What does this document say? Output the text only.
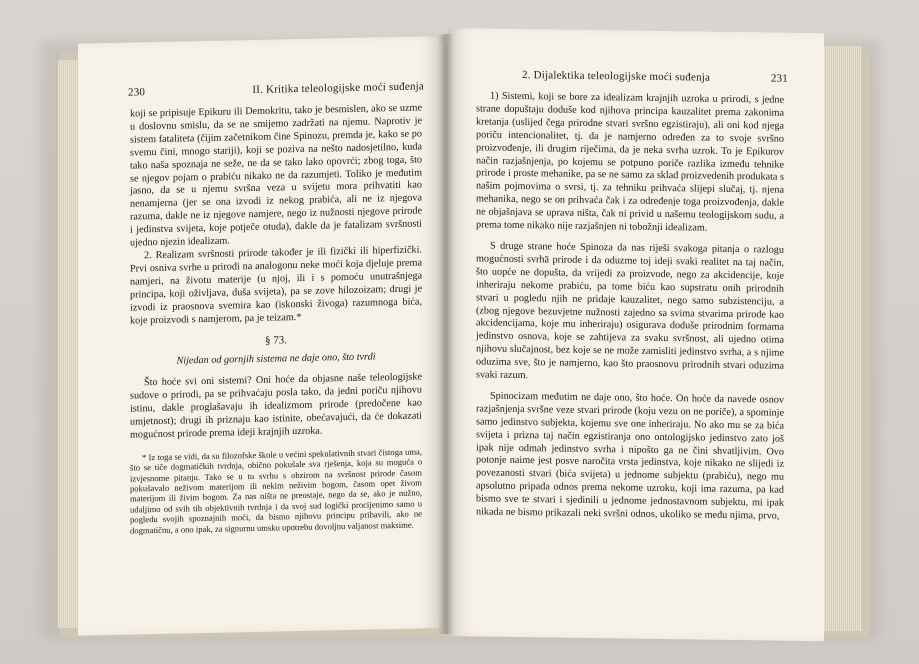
230	II. Kritika teleologijske moći suđenja

koji se pripisuje Epikuru ili Demokritu, tako je besmislen, ako se uzme u doslovnu smislu, da se ne smijemo zadržati na njemu. Naprotiv je sistem fataliteta (čijim začetnikom čine Spinozu, premda je, kako se po svemu čini, mnogo stariji), koji se poziva na nešto nadosjetilno, kuda tako naša spoznaja ne seže, ne da se tako lako opovrći; zbog toga, što se njegov pojam o prabiću nikako ne da razumjeti. Toliko je međutim jasno, da se u njemu svršna veza u svijetu mora prihvatiti kao nenamjerna (jer se ona izvodi iz nekog prabića, ali ne iz njegova razuma, dakle ne iz njegove namjere, nego iz nužnosti njegove prirode i jedinstva svijeta, koje potječe otuda), dakle da je fatalizam svršnosti ujedno njezin idealizam.

2. Realizam svršnosti prirode također je ili fizički ili hiperfizički. Prvi osniva svrhe u prirodi na analogonu neke moći koja djeluje prema namjeri, na životu materije (u njoj, ili i s pomoću unutrašnjega principa, koji oživljava, duša svijeta), pa se zove hilozoizam; drugi je izvodi iz praosnova svemira kao (iskonski živoga) razumnoga bića, koje proizvodi s namjerom, pa je teizam.*

§ 73.
Nijedan od gornjih sistema ne daje ono, što tvrdi

Što hoće svi oni sistemi? Oni hoće da objasne naše teleologijske sudove o prirodi, pa se prihvaćaju posla tako, da jedni poriču njihovu istinu, dakle proglašavaju ih idealizmom prirode (predočene kao umjetnost); drugi ih priznaju kao istinite, obećavajući, da će dokazati mogućnost prirode prema ideji krajnjih uzroka.

* Iz toga se vidi, da su filozofske škole u većini spekulativnih stvari čistoga uma, što se tiče dogmatičkih tvrdnja, obično pokušale sva rješenja, koja su moguća o izvjesnome pitanju. Tako se u tu svrhu s obzirom na svršnost prirode časom pokušavalo neživom materijom ili nekim neživim bogom, časom opet živom materijom ili živim bogom. Za nas ništa ne preostaje, nego da se, ako je nužno, udaljimo od svih tih objektivnih tvrdnja i da svoj sud logički procijenimo samo u pogledu svojih spoznajnih moći, da bismo njihovu principu pribavili, ako ne dogmatičnu, a ono ipak, za signurnu umsku upotrebu dovoljnu valjanost maksime.

2. Dijalektika teleologijske moći suđenja	231

1) Sistemi, koji se bore za idealizam krajnjih uzroka u prirodi, s jedne strane dopuštaju doduše kod njihova principa kauzalitet prema zakonima kretanja (uslijed čega prirodne stvari svršno egzistiraju), ali oni kod njega poriču intencionalitet, tj. da je namjerno određen za to svoje svršno proizvođenje, ili drugim riječima, da je neka svrha uzrok. To je Epikurov način razjašnjenja, po kojemu se potpuno poriče razlika između tehnike prirode i proste mehanike, pa se ne samo za sklad proizvedenih produkata s našim pojmovima o svrsi, tj. za tehniku prihvaća slijepi slučaj, tj. njena mehanika, nego se on prihvaća čak i za određenje toga proizvođenja, dakle ne objašnjava se uprava ništa, čak ni privid u našemu teologijskom sudu, a prema tome nikako nije razjašnjen ni tobožnji idealizam.

S druge strane hoće Spinoza da nas riješi svakoga pitanja o razlogu mogućnosti svrhā prirode i da oduzme toj ideji svaki realitet na taj način, što uopće ne dopušta, da vrijedi za proizvode, nego za akcidencije, koje inheriraju nekome prabiću, pa tome biću kao supstratu onih prirodnih stvari u pogledu njih ne pridaje kauzalitet, nego samo subzistenciju, a (zbog njegove bezuvjetne nužnosti zajedno sa svima stvarima prirode kao akcidencijama, koje mu inheriraju) osigurava doduše prirodnim formama jedinstvo osnova, koje se zahtijeva za svaku svršnost, ali ujedno otima njihovu slučajnost, bez koje se ne može zamisliti jedinstvo svrha, a s njime oduzima sve, što je namjerno, kao što praosnovu prirodnih stvari oduzima svaki razum.

Spinocizam međutim ne daje ono, što hoće. On hoće da navede osnov razjašnjenja svršne veze stvari prirode (koju vezu on ne poriče), a spominje samo jedinstvo subjekta, kojemu sve one inheriraju. No ako mu se za bića svijeta i prizna taj način egzistiranja ono ontologijsko jedinstvo zato još ipak nije odmah jedinstvo svrha i nipošto ga ne čini shvatljivim. Ovo potonje naime jest posve naročita vrsta jedinstva, koje nikako ne slijedi iz povezanosti stvari (bića svijeta) u jednome subjektu (prabiću), nego mu apsolutno pripada odnos prema nekome uzroku, koji ima razuma, pa kad bismo sve te stvari i sjedinili u jednome jednostavnom subjektu, mi ipak nikada ne bismo prikazali neki svršni odnos, ukoliko se među njima, prvo,
